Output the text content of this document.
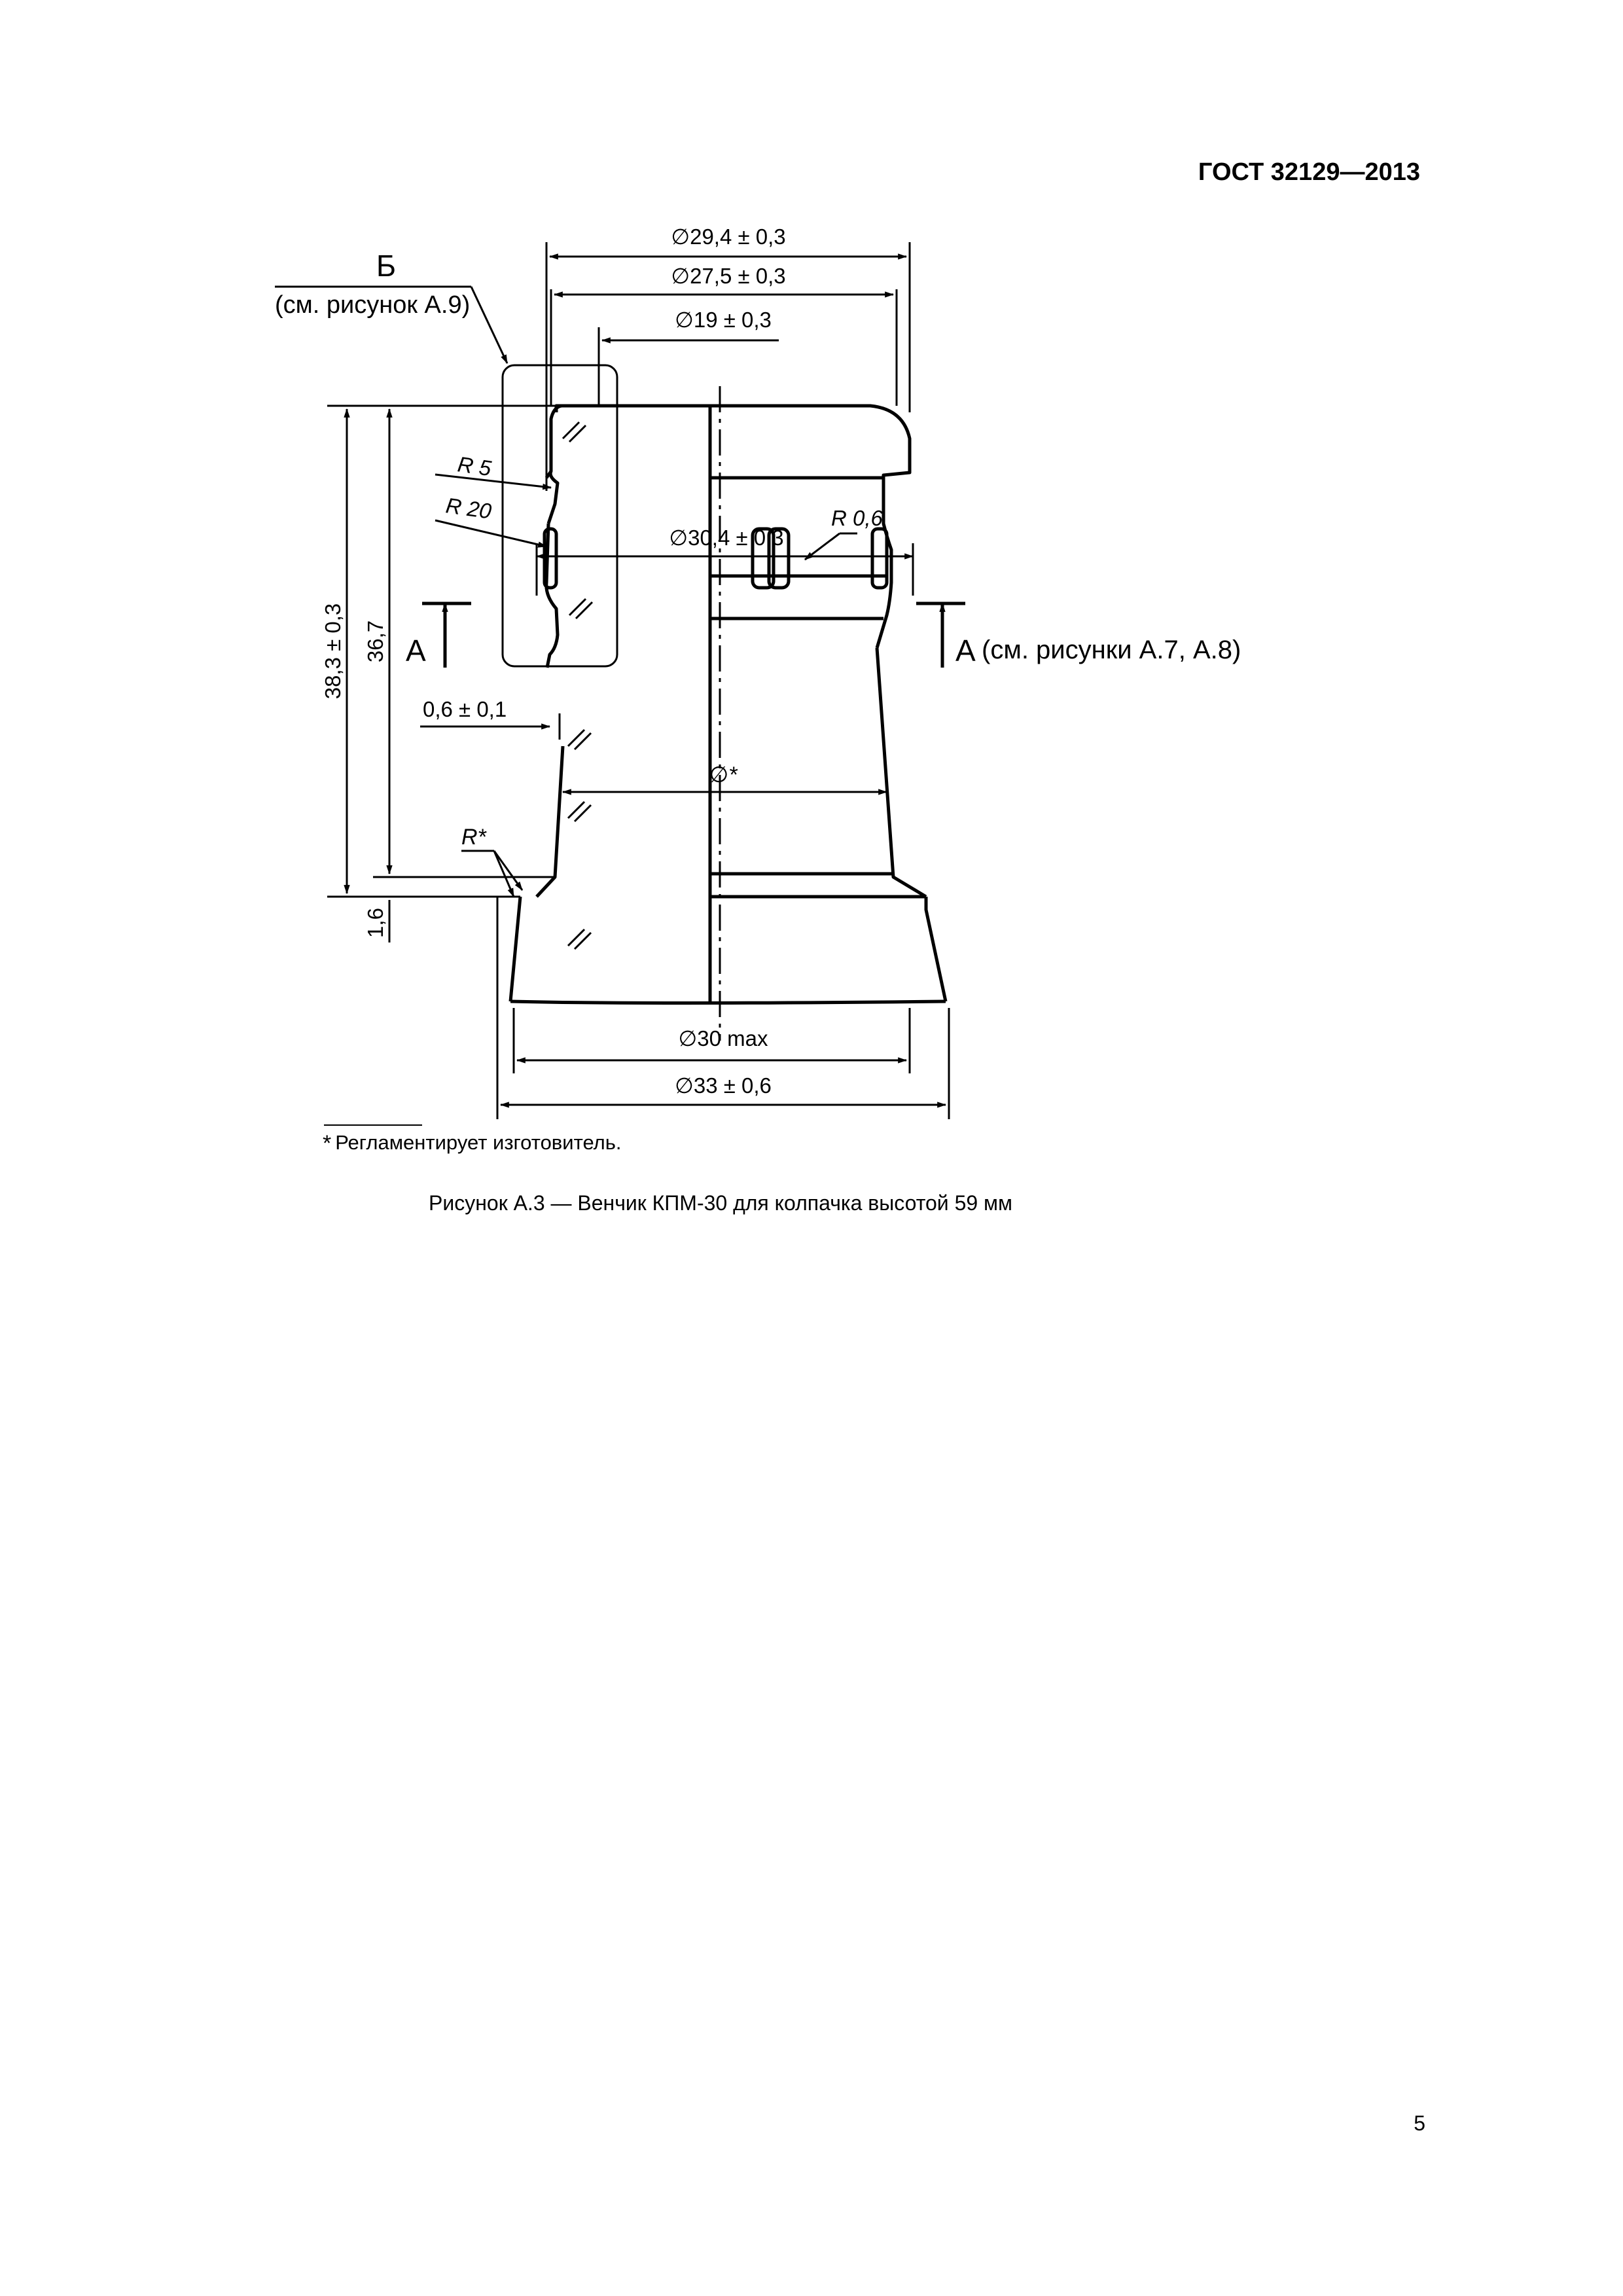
ГОСТ 32129—2013
∅29,4 ± 0,3
∅27,5 ± 0,3
∅19 ± 0,3
∅30,4 ± 0,3
R 0,6
R 5
R 20
∅*
∅30 max
∅33 ± 0,6
38,3 ± 0,3 36,7
1,6
0,6 ± 0,1
R*
Б
(см. рисунок А.9)
А	А (см. рисунки А.7, А.8)
* Регламентирует изготовитель.
Рисунок А.3 — Венчик КПМ-30 для колпачка высотой 59 мм
5
